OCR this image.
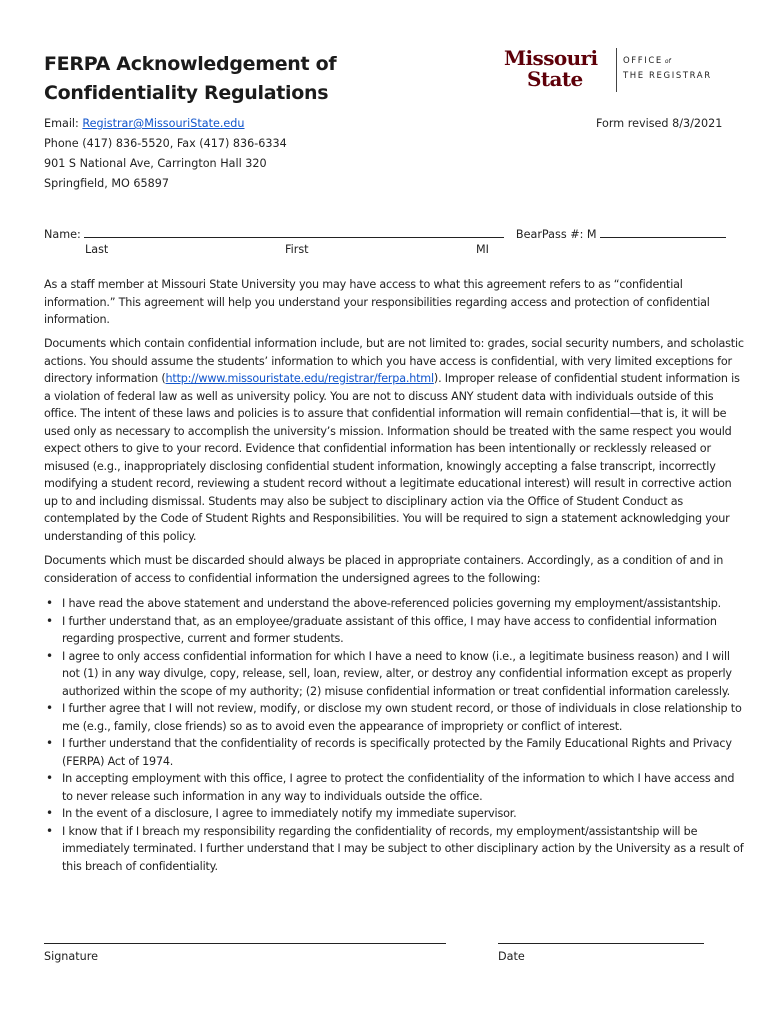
FERPA Acknowledgement of
Confidentiality Regulations
Missouri
State
OFFICE of
THE REGISTRAR
Email: Registrar@MissouriState.edu
Phone (417) 836-5520, Fax (417) 836-6334
901 S National Ave, Carrington Hall 320
Springfield, MO 65897
Form revised 8/3/2021
Name:	BearPass #: M
Last	First	MI

As a staff member at Missouri State University you may have access to what this agreement refers to as “confidential information.” This agreement will help you understand your responsibilities regarding access and protection of confidential information.

Documents which contain confidential information include, but are not limited to: grades, social security numbers, and scholastic actions. You should assume the students’ information to which you have access is confidential, with very limited exceptions for directory information (http://www.missouristate.edu/registrar/ferpa.html). Improper release of confidential student information is a violation of federal law as well as university policy. You are not to discuss ANY student data with individuals outside of this office. The intent of these laws and policies is to assure that confidential information will remain confidential—that is, it will be used only as necessary to accomplish the university’s mission. Information should be treated with the same respect you would expect others to give to your record. Evidence that confidential information has been intentionally or recklessly released or misused (e.g., inappropriately disclosing confidential student information, knowingly accepting a false transcript, incorrectly modifying a student record, reviewing a student record without a legitimate educational interest) will result in corrective action up to and including dismissal. Students may also be subject to disciplinary action via the Office of Student Conduct as contemplated by the Code of Student Rights and Responsibilities. You will be required to sign a statement acknowledging your understanding of this policy.

Documents which must be discarded should always be placed in appropriate containers. Accordingly, as a condition of and in consideration of access to confidential information the undersigned agrees to the following:

• I have read the above statement and understand the above-referenced policies governing my employment/assistantship.
• I further understand that, as an employee/graduate assistant of this office, I may have access to confidential information regarding prospective, current and former students.
• I agree to only access confidential information for which I have a need to know (i.e., a legitimate business reason) and I will not (1) in any way divulge, copy, release, sell, loan, review, alter, or destroy any confidential information except as properly authorized within the scope of my authority; (2) misuse confidential information or treat confidential information carelessly.
• I further agree that I will not review, modify, or disclose my own student record, or those of individuals in close relationship to me (e.g., family, close friends) so as to avoid even the appearance of impropriety or conflict of interest.
• I further understand that the confidentiality of records is specifically protected by the Family Educational Rights and Privacy (FERPA) Act of 1974.
• In accepting employment with this office, I agree to protect the confidentiality of the information to which I have access and to never release such information in any way to individuals outside the office.
• In the event of a disclosure, I agree to immediately notify my immediate supervisor.
• I know that if I breach my responsibility regarding the confidentiality of records, my employment/assistantship will be immediately terminated. I further understand that I may be subject to other disciplinary action by the University as a result of this breach of confidentiality.
Signature	Date
